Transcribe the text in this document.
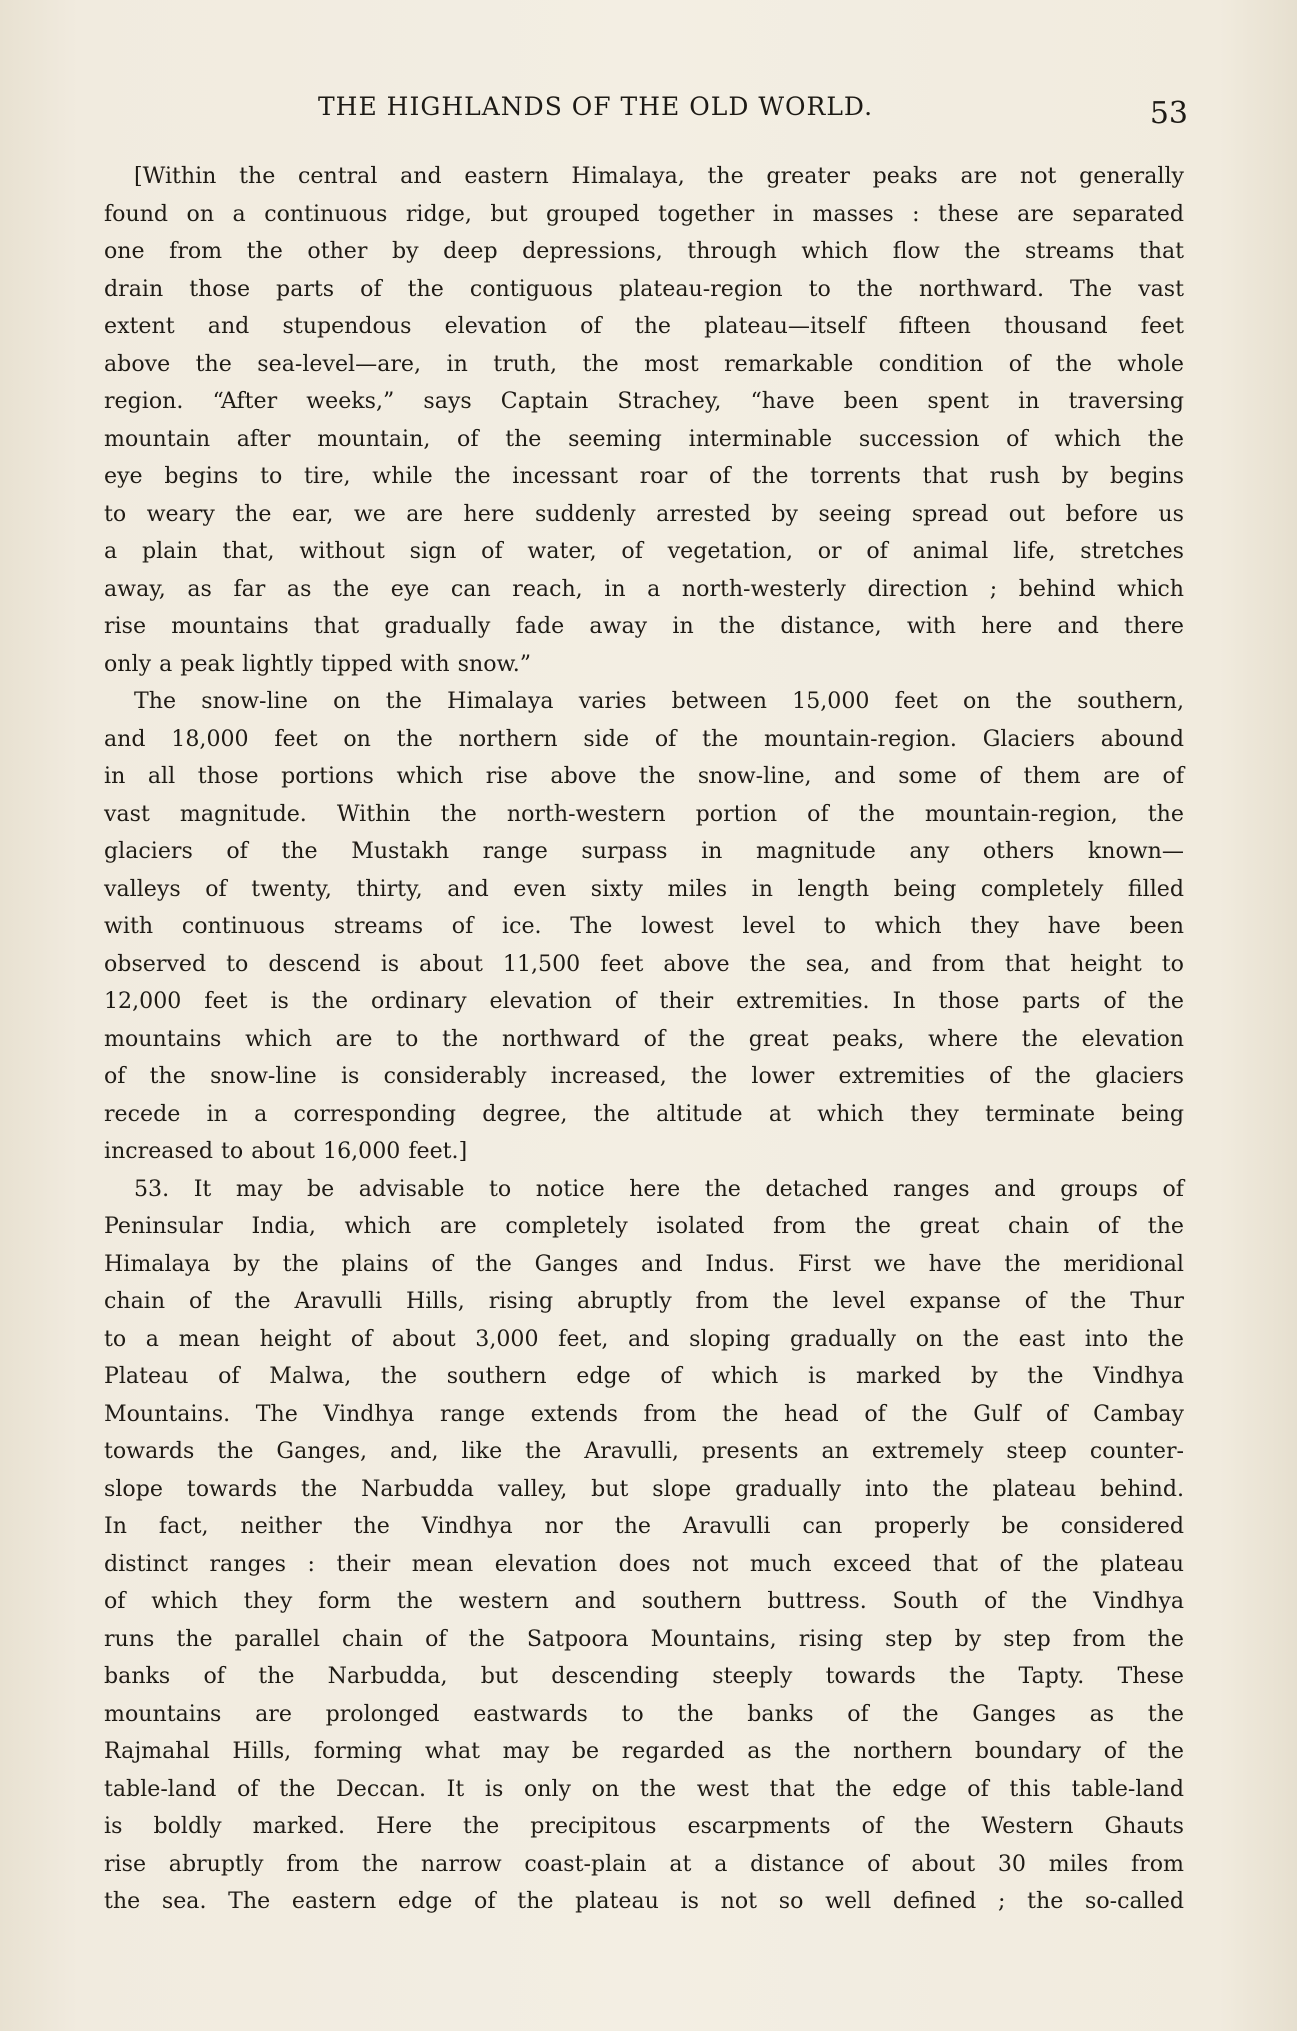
THE HIGHLANDS OF THE OLD WORLD.	53
[Within the central and eastern Himalaya, the greater peaks are not generally
found on a continuous ridge, but grouped together in masses : these are separated
one from the other by deep depressions, through which flow the streams that
drain those parts of the contiguous plateau-region to the northward. The vast
extent and stupendous elevation of the plateau—itself fifteen thousand feet
above the sea-level—are, in truth, the most remarkable condition of the whole
region. “After weeks,” says Captain Strachey, “have been spent in traversing
mountain after mountain, of the seeming interminable succession of which the
eye begins to tire, while the incessant roar of the torrents that rush by begins
to weary the ear, we are here suddenly arrested by seeing spread out before us
a plain that, without sign of water, of vegetation, or of animal life, stretches
away, as far as the eye can reach, in a north-westerly direction ; behind which
rise mountains that gradually fade away in the distance, with here and there
only a peak lightly tipped with snow.”
The snow-line on the Himalaya varies between 15,000 feet on the southern,
and 18,000 feet on the northern side of the mountain-region. Glaciers abound
in all those portions which rise above the snow-line, and some of them are of
vast magnitude. Within the north-western portion of the mountain-region, the
glaciers of the Mustakh range surpass in magnitude any others known—
valleys of twenty, thirty, and even sixty miles in length being completely filled
with continuous streams of ice. The lowest level to which they have been
observed to descend is about 11,500 feet above the sea, and from that height to
12,000 feet is the ordinary elevation of their extremities. In those parts of the
mountains which are to the northward of the great peaks, where the elevation
of the snow-line is considerably increased, the lower extremities of the glaciers
recede in a corresponding degree, the altitude at which they terminate being
increased to about 16,000 feet.]
53. It may be advisable to notice here the detached ranges and groups of
Peninsular India, which are completely isolated from the great chain of the
Himalaya by the plains of the Ganges and Indus. First we have the meridional
chain of the Aravulli Hills, rising abruptly from the level expanse of the Thur
to a mean height of about 3,000 feet, and sloping gradually on the east into the
Plateau of Malwa, the southern edge of which is marked by the Vindhya
Mountains. The Vindhya range extends from the head of the Gulf of Cambay
towards the Ganges, and, like the Aravulli, presents an extremely steep counter-
slope towards the Narbudda valley, but slope gradually into the plateau behind.
In fact, neither the Vindhya nor the Aravulli can properly be considered
distinct ranges : their mean elevation does not much exceed that of the plateau
of which they form the western and southern buttress. South of the Vindhya
runs the parallel chain of the Satpoora Mountains, rising step by step from the
banks of the Narbudda, but descending steeply towards the Tapty. These
mountains are prolonged eastwards to the banks of the Ganges as the
Rajmahal Hills, forming what may be regarded as the northern boundary of the
table-land of the Deccan. It is only on the west that the edge of this table-land
is boldly marked. Here the precipitous escarpments of the Western Ghauts
rise abruptly from the narrow coast-plain at a distance of about 30 miles from
the sea. The eastern edge of the plateau is not so well defined ; the so-called
